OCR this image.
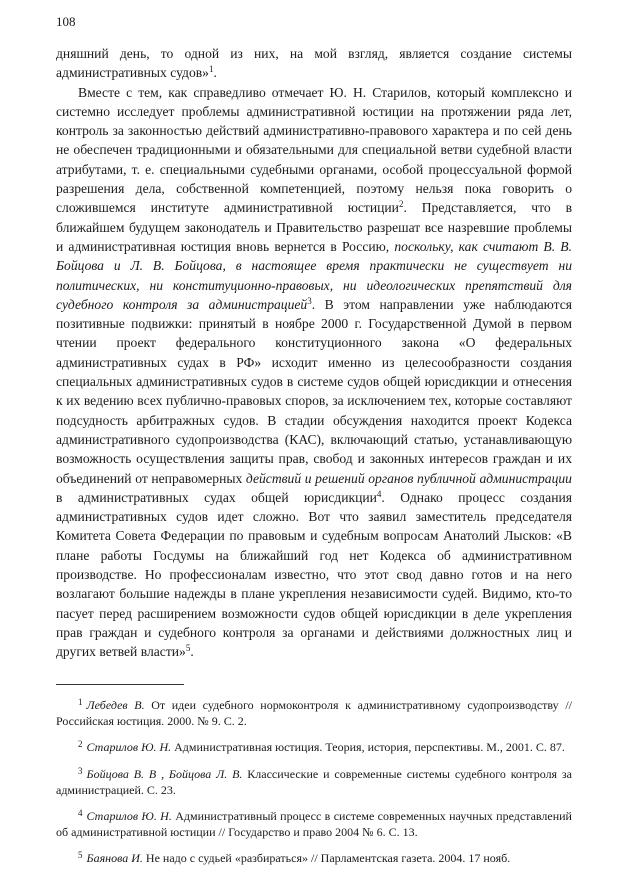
108

дняшний день, то одной из них, на мой взгляд, является создание системы административных судов»$^1$.

Вместе с тем, как справедливо отмечает Ю. Н. Старилов, который комплексно и системно исследует проблемы административной юстиции на протяжении ряда лет, контроль за законностью действий административно-правового характера и по сей день не обеспечен традиционными и обязательными для специальной ветви судебной власти атрибутами, т. е. специальными судебными органами, особой процессуальной формой разрешения дела, собственной компетенцией, поэтому нельзя пока говорить о сложившемся институте административной юстиции$^2$. Представляется, что в ближайшем будущем законодатель и Правительство разрешат все назревшие проблемы и административная юстиция вновь вернется в Россию, поскольку, как считают В. В. Бойцова и Л. В. Бойцова, в настоящее время практически не существует ни политических, ни конституционно-правовых, ни идеологических препятствий для судебного контроля за администрацией$^3$. В этом направлении уже наблюдаются позитивные подвижки: принятый в ноябре 2000 г. Государственной Думой в первом чтении проект федерального конституционного закона «О федеральных административных судах в РФ» исходит именно из целесообразности создания специальных административных судов в системе судов общей юрисдикции и отнесения к их ведению всех публично-правовых споров, за исключением тех, которые составляют подсудность арбитражных судов. В стадии обсуждения находится проект Кодекса административного судопроизводства (КАС), включающий статью, устанавливающую возможность осуществления защиты прав, свобод и законных интересов граждан и их объединений от неправомерных действий и решений органов публичной администрации в административных судах общей юрисдикции$^4$. Однако процесс создания административных судов идет сложно. Вот что заявил заместитель председателя Комитета Совета Федерации по правовым и судебным вопросам Анатолий Лысков: «В плане работы Госдумы на ближайший год нет Кодекса об административном производстве. Но профессионалам известно, что этот свод давно готов и на него возлагают большие надежды в плане укрепления независимости судей. Видимо, кто-то пасует перед расширением возможности судов общей юрисдикции в деле укрепления прав граждан и судебного контроля за органами и действиями должностных лиц и других ветвей власти»$^5$.

$^1$ Лебедев В. От идеи судебного нормоконтроля к административному судопроизводству // Российская юстиция. 2000. № 9. С. 2.

$^2$ Старилов Ю. Н. Административная юстиция. Теория, история, перспективы. М., 2001. С. 87.

$^3$ Бойцова В. В , Бойцова Л. В. Классические и современные системы судебного контроля за администрацией. С. 23.

$^4$ Старилов Ю. Н. Административный процесс в системе современных научных представлений об административной юстиции // Государство и право 2004 № 6. С. 13.

$^5$ Баянова И. Не надо с судьей «разбираться» // Парламентская газета. 2004. 17 нояб.
